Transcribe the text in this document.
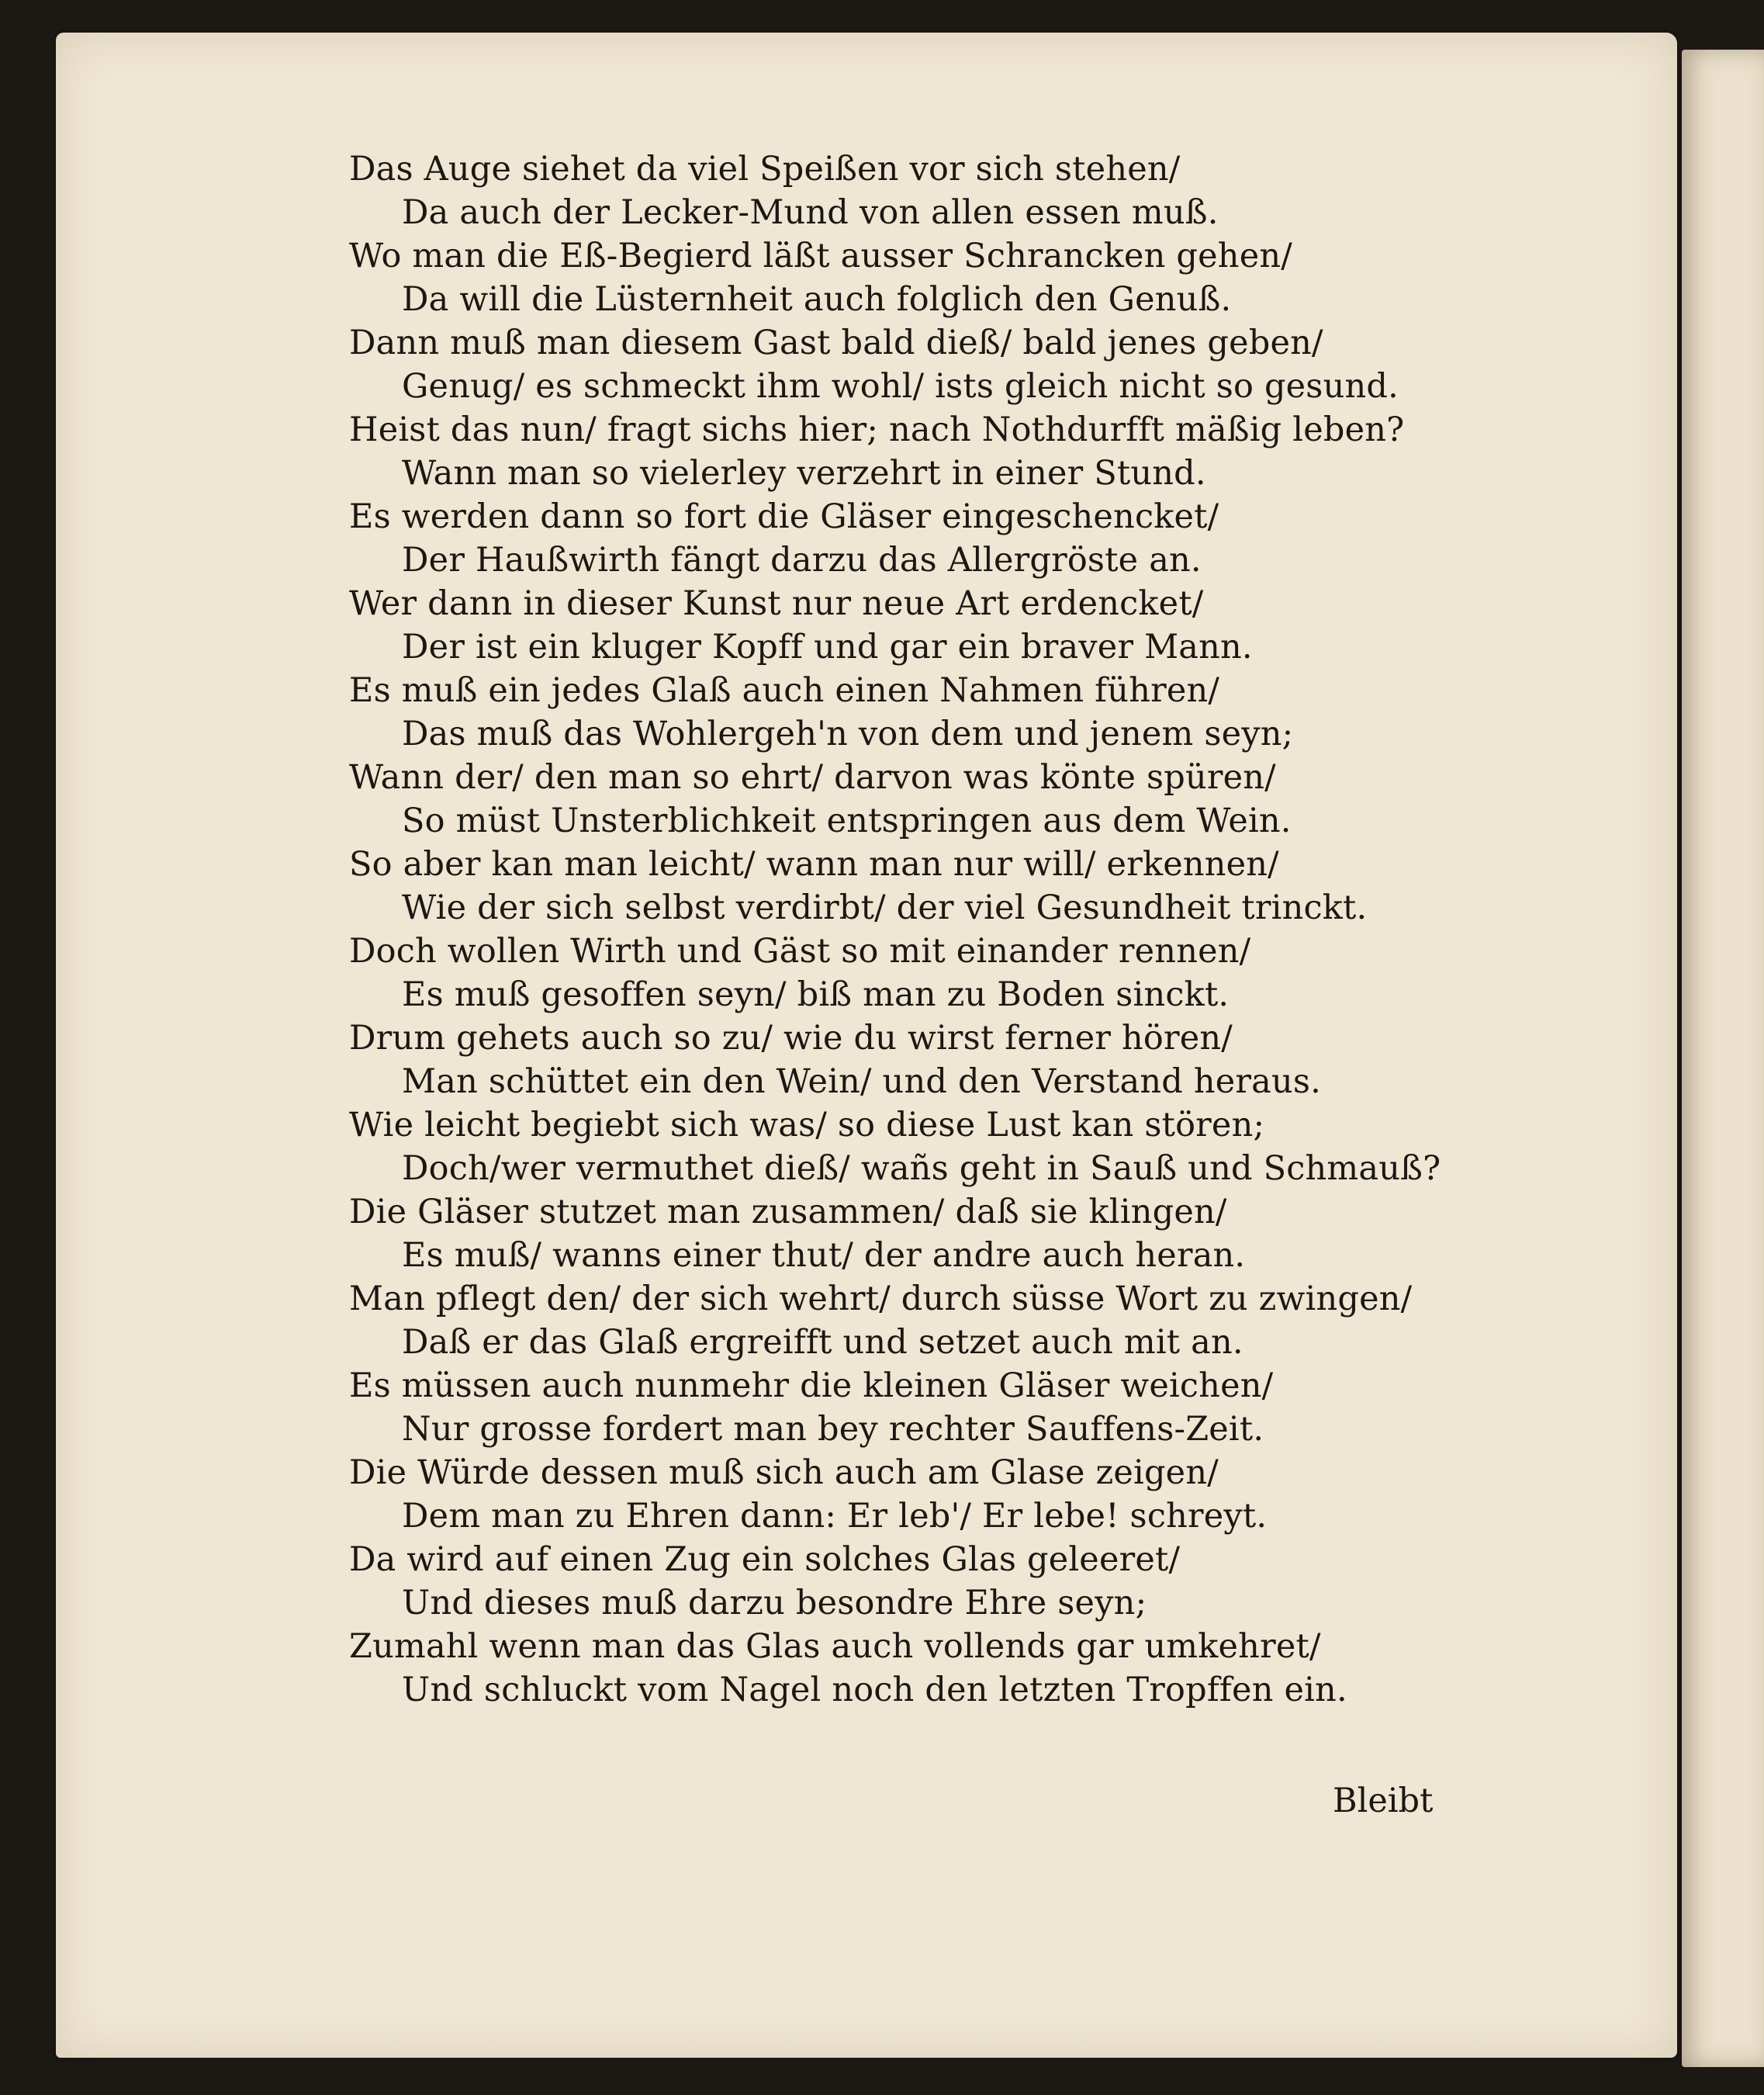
Das Auge siehet da viel Speißen vor sich stehen/
Da auch der Lecker-Mund von allen essen muß.
Wo man die Eß-Begierd läßt ausser Schrancken gehen/
Da will die Lüsternheit auch folglich den Genuß.
Dann muß man diesem Gast bald dieß/ bald jenes geben/
Genug/ es schmeckt ihm wohl/ ists gleich nicht so gesund.
Heist das nun/ fragt sichs hier; nach Nothdurfft mäßig leben?
Wann man so vielerley verzehrt in einer Stund.
Es werden dann so fort die Gläser eingeschencket/
Der Haußwirth fängt darzu das Allergröste an.
Wer dann in dieser Kunst nur neue Art erdencket/
Der ist ein kluger Kopff und gar ein braver Mann.
Es muß ein jedes Glaß auch einen Nahmen führen/
Das muß das Wohlergeh'n von dem und jenem seyn;
Wann der/ den man so ehrt/ darvon was könte spüren/
So müst Unsterblichkeit entspringen aus dem Wein.
So aber kan man leicht/ wann man nur will/ erkennen/
Wie der sich selbst verdirbt/ der viel Gesundheit trinckt.
Doch wollen Wirth und Gäst so mit einander rennen/
Es muß gesoffen seyn/ biß man zu Boden sinckt.
Drum gehets auch so zu/ wie du wirst ferner hören/
Man schüttet ein den Wein/ und den Verstand heraus.
Wie leicht begiebt sich was/ so diese Lust kan stören;
Doch/wer vermuthet dieß/ wañs geht in Sauß und Schmauß?
Die Gläser stutzet man zusammen/ daß sie klingen/
Es muß/ wanns einer thut/ der andre auch heran.
Man pflegt den/ der sich wehrt/ durch süsse Wort zu zwingen/
Daß er das Glaß ergreifft und setzet auch mit an.
Es müssen auch nunmehr die kleinen Gläser weichen/
Nur grosse fordert man bey rechter Sauffens-Zeit.
Die Würde dessen muß sich auch am Glase zeigen/
Dem man zu Ehren dann: Er leb'/ Er lebe! schreyt.
Da wird auf einen Zug ein solches Glas geleeret/
Und dieses muß darzu besondre Ehre seyn;
Zumahl wenn man das Glas auch vollends gar umkehret/
Und schluckt vom Nagel noch den letzten Tropffen ein.
Bleibt
